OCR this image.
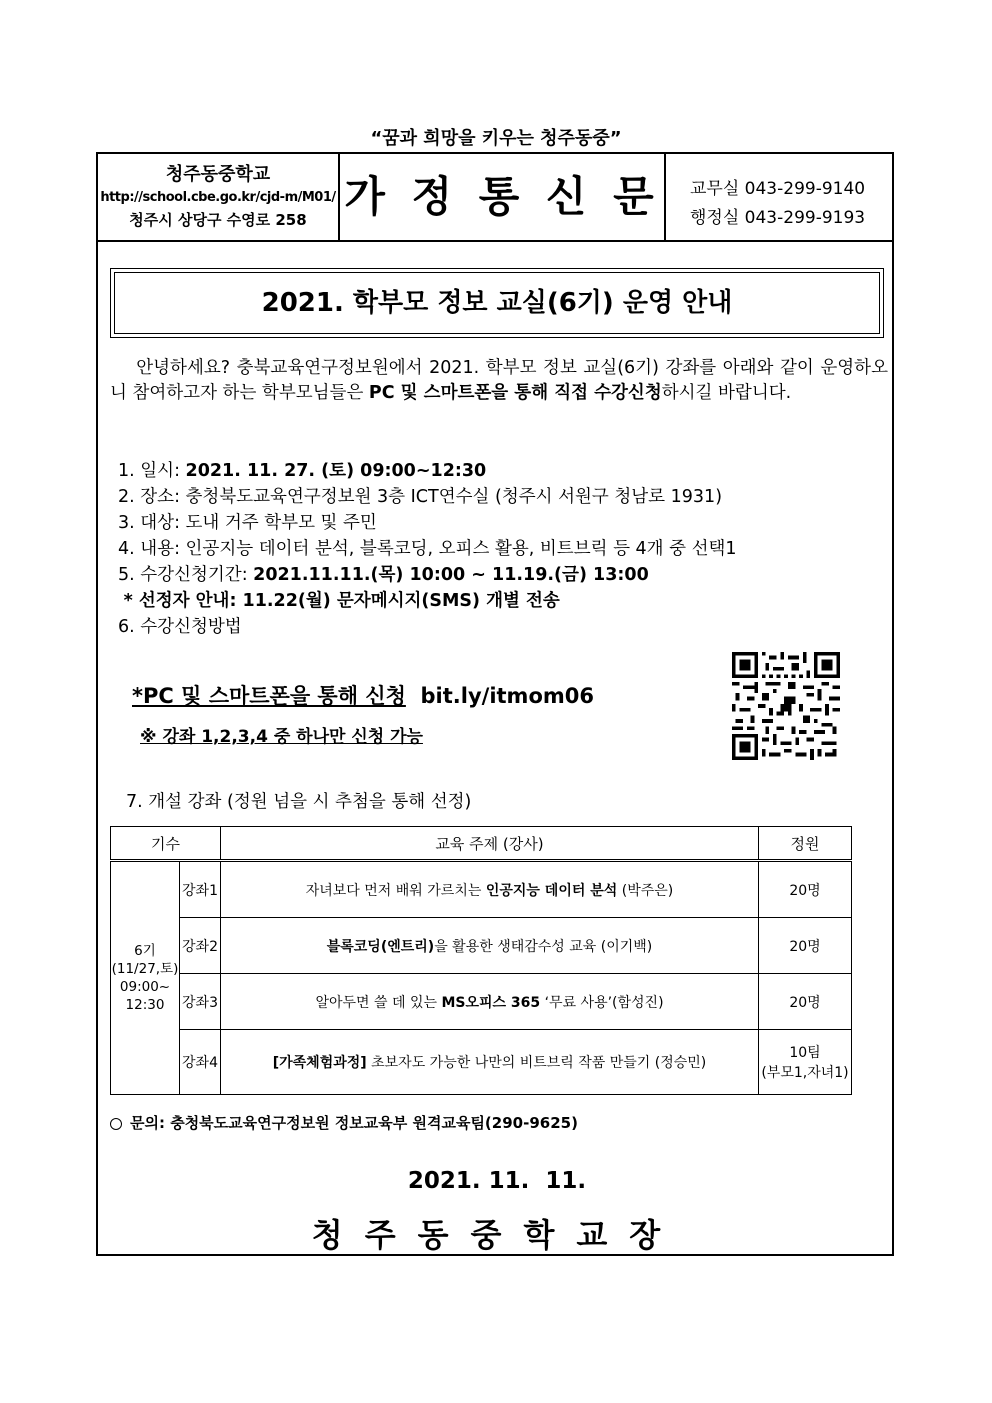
“꿈과 희망을 키우는 청주동중”
청주동중학교
http://school.cbe.go.kr/cjd-m/M01/
청주시 상당구 수영로 258 가 정 통 신 문	교무실 043-299-9140
행정실 043-299-9193
2021. 학부모 정보 교실(6기) 운영 안내
안녕하세요? 충북교육연구정보원에서 2021. 학부모 정보 교실(6기) 강좌를 아래와 같이 운영하오니 참여하고자 하는 학부모님들은 PC 및 스마트폰을 통해 직접 수강신청하시길 바랍니다.
1. 일시: 2021. 11. 27. (토) 09:00~12:30
2. 장소: 충청북도교육연구정보원 3층 ICT연수실 (청주시 서원구 청남로 1931)
3. 대상: 도내 거주 학부모 및 주민
4. 내용: 인공지능 데이터 분석, 블록코딩, 오피스 활용, 비트브릭 등 4개 중 선택1
5. 수강신청기간: 2021.11.11.(목) 10:00 ~ 11.19.(금) 13:00
* 선정자 안내: 11.22(월) 문자메시지(SMS) 개별 전송
6. 수강신청방법
*PC 및 스마트폰을 통해 신청 bit.ly/itmom06
※ 강좌 1,2,3,4 중 하나만 신청 가능
7. 개설 강좌 (정원 넘을 시 추첨을 통해 선정)
기수		교육 주제 (강사)	정원

6기
(11/27,토)
09:00~
12:30	강좌1	자녀보다 먼저 배워 가르치는 인공지능 데이터 분석 (박주은)	20명

	강좌2	블록코딩(엔트리)을 활용한 생태감수성 교육 (이기백)	20명

	강좌3	알아두면 쓸 데 있는 MS오피스 365 ‘무료 사용’(함성진)	20명

	강좌4	[가족체험과정] 초보자도 가능한 나만의 비트브릭 작품 만들기 (정승민)	10팀
(부모1,자녀1)
문의: 충청북도교육연구정보원 정보교육부 원격교육팀(290-9625)
2021. 11.  11.
청주동중학교장
